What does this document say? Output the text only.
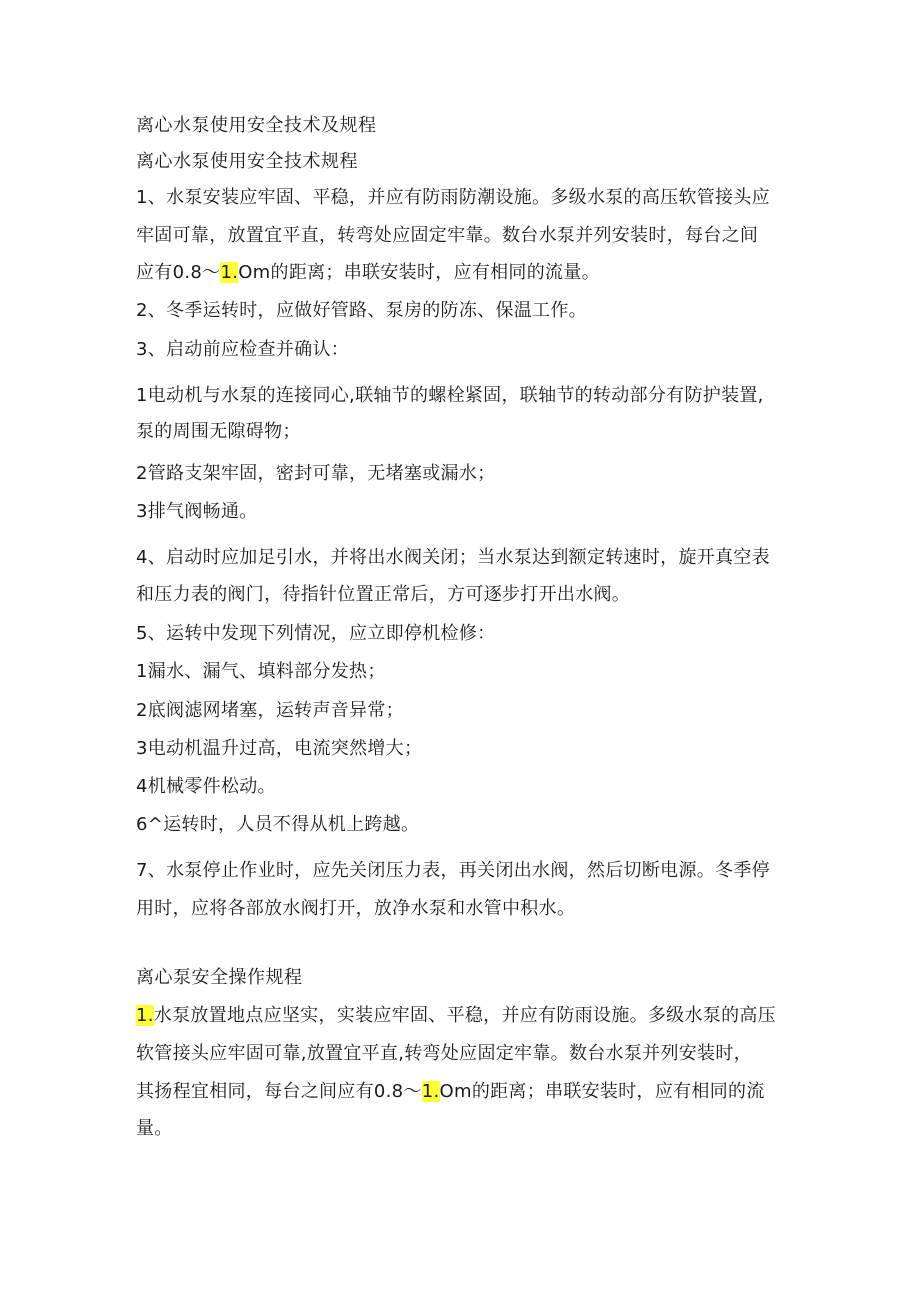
离心水泵使用安全技术及规程
离心水泵使用安全技术规程
1、水泵安装应牢固、平稳，并应有防雨防潮设施。多级水泵的高压软管接头应
牢固可靠，放置宜平直，转弯处应固定牢靠。数台水泵并列安装时，每台之间
应有0.8～1.Om的距离；串联安装时，应有相同的流量。
2、冬季运转时，应做好管路、泵房的防冻、保温工作。
3、启动前应检查并确认：
1电动机与水泵的连接同心,联轴节的螺栓紧固，联轴节的转动部分有防护装置,
泵的周围无隙碍物；
2管路支架牢固，密封可靠，无堵塞或漏水；
3排气阀畅通。
4、启动时应加足引水，并将出水阀关闭；当水泵达到额定转速时，旋开真空表
和压力表的阀门，待指针位置正常后，方可逐步打开出水阀。
5、运转中发现下列情况，应立即停机检修：
1漏水、漏气、填料部分发热；
2底阀滤网堵塞，运转声音异常；
3电动机温升过高，电流突然增大；
4机械零件松动。
6^运转时，人员不得从机上跨越。
7、水泵停止作业时，应先关闭压力表，再关闭出水阀，然后切断电源。冬季停
用时，应将各部放水阀打开，放净水泵和水管中积水。
离心泵安全操作规程
1.水泵放置地点应坚实，实装应牢固、平稳，并应有防雨设施。多级水泵的高压
软管接头应牢固可靠,放置宜平直,转弯处应固定牢靠。数台水泵并列安装时，
其扬程宜相同，每台之间应有0.8～1.Om的距离；串联安装时，应有相同的流
量。
